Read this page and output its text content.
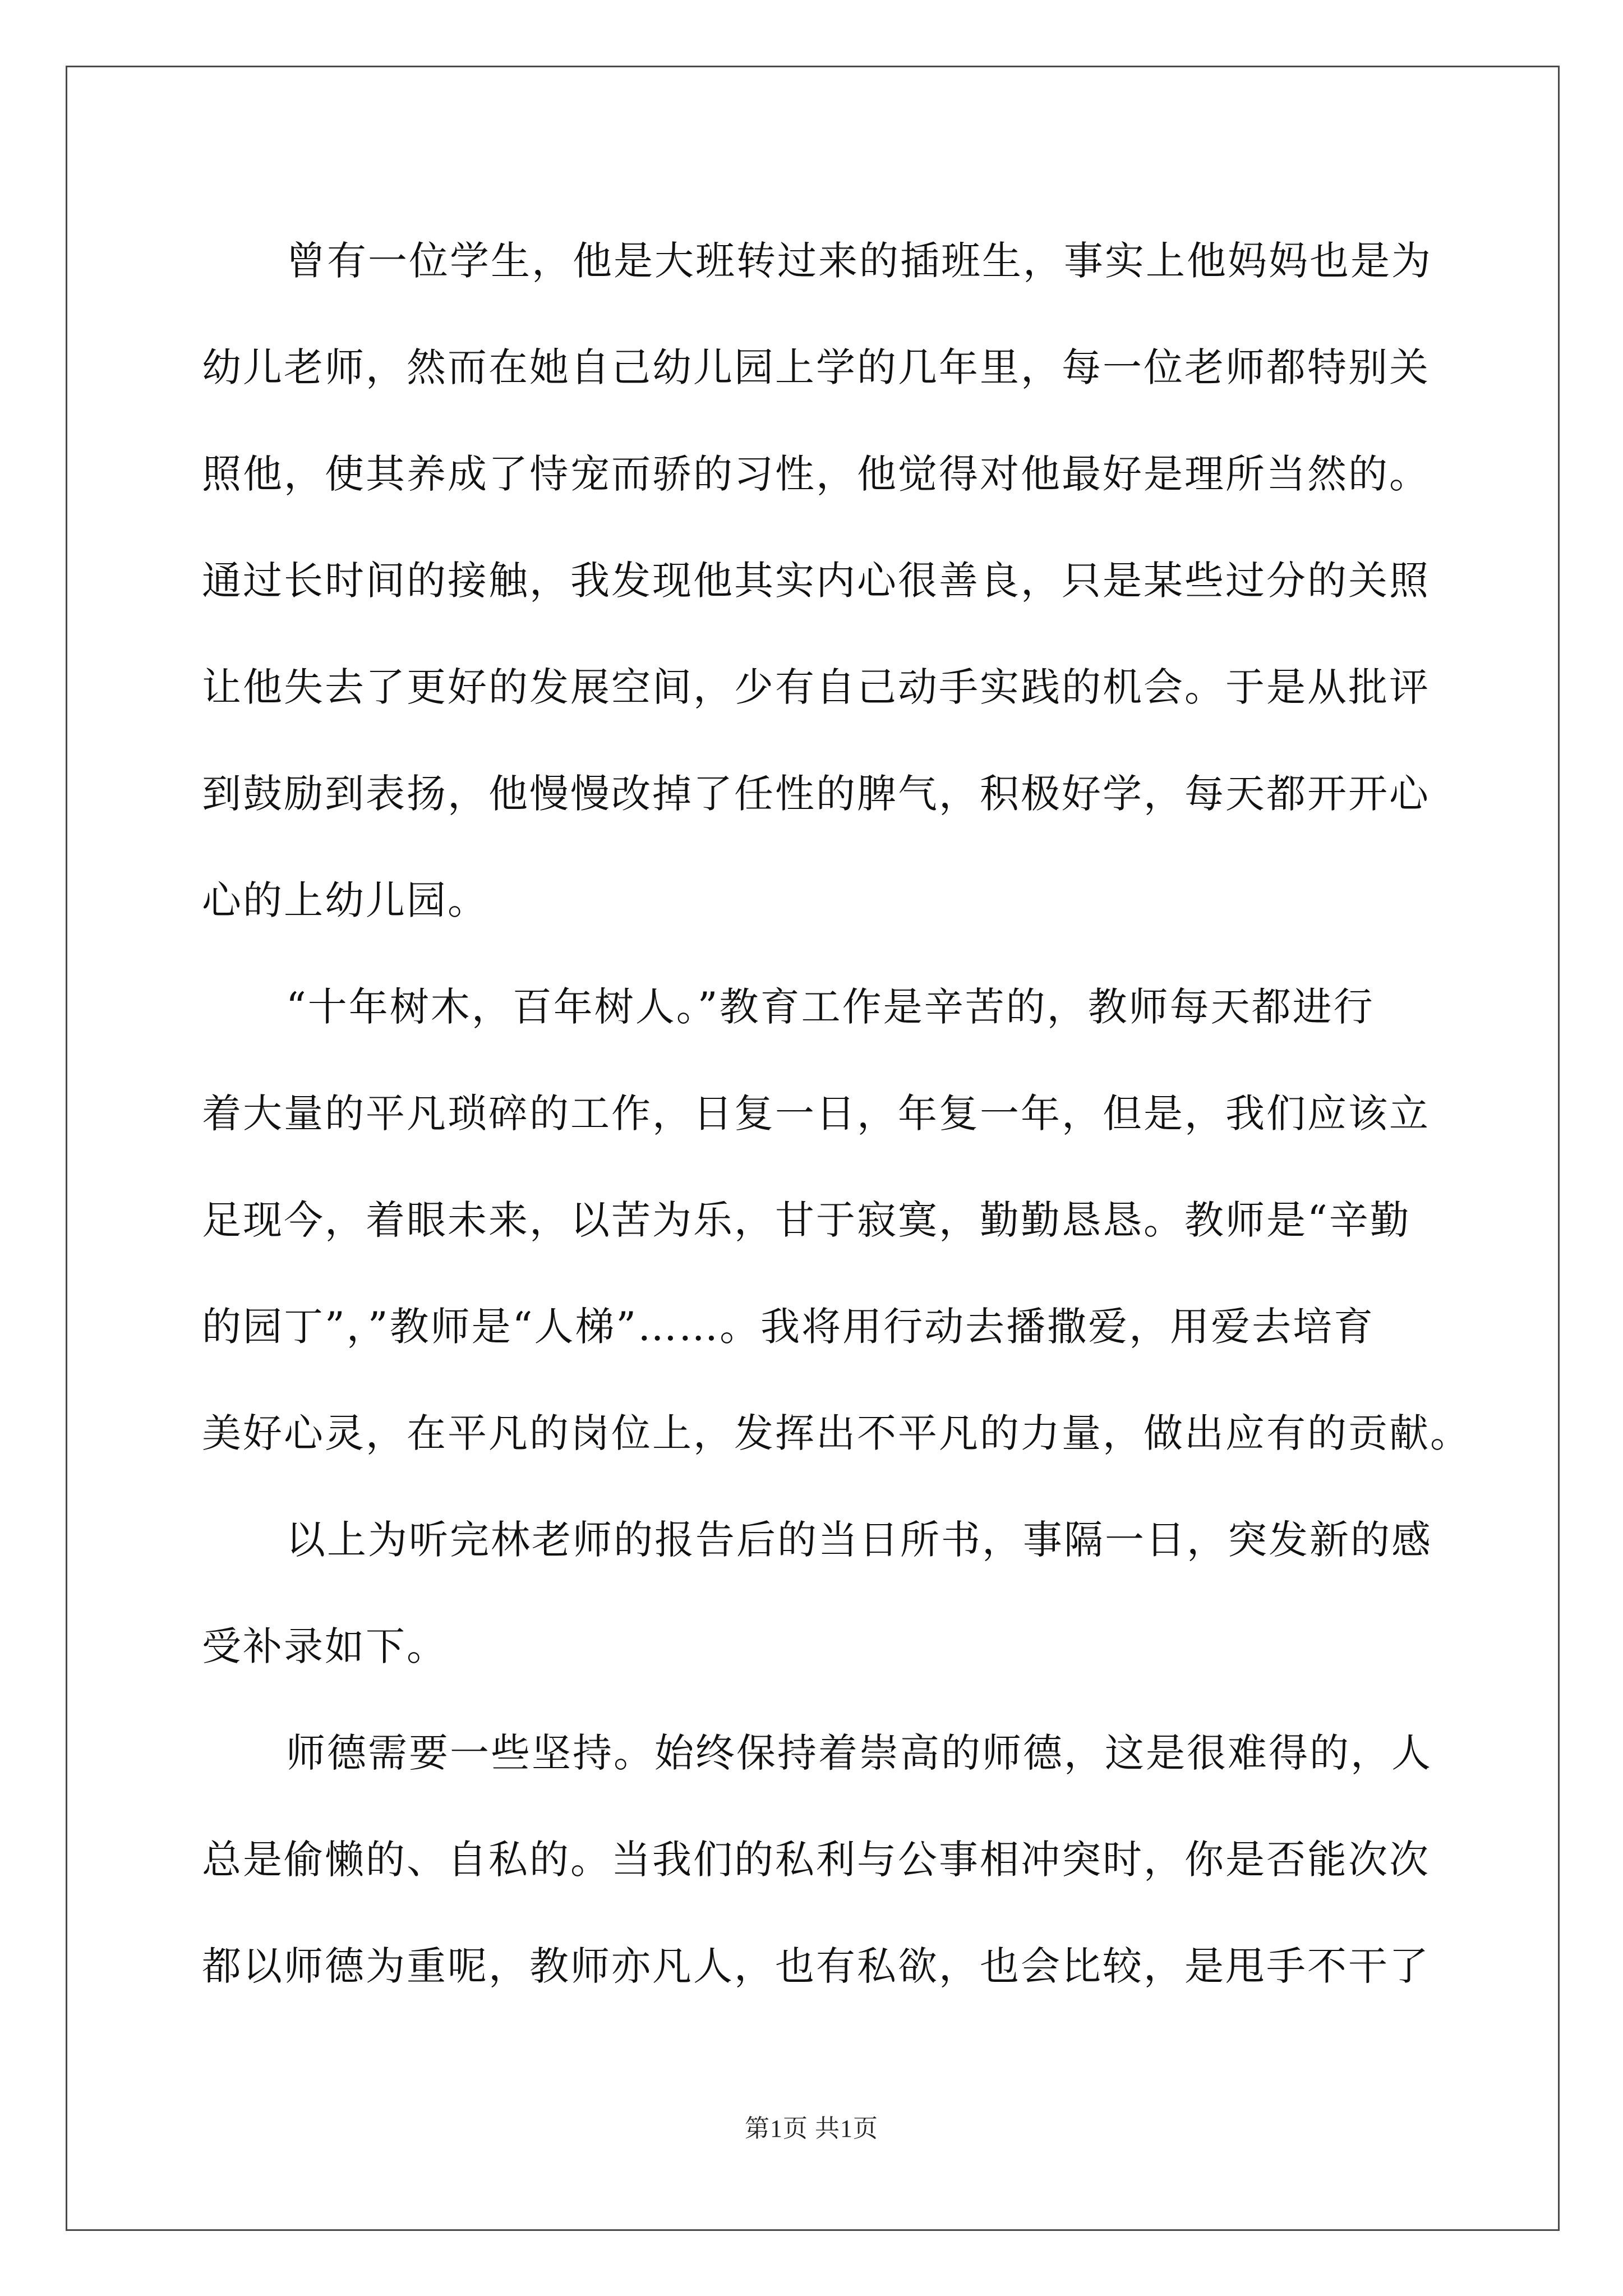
曾有一位学生，他是大班转过来的插班生，事实上他妈妈也是为
幼儿老师，然而在她自己幼儿园上学的几年里，每一位老师都特别关
照他，使其养成了恃宠而骄的习性，他觉得对他最好是理所当然的。
通过长时间的接触，我发现他其实内心很善良，只是某些过分的关照
让他失去了更好的发展空间，少有自己动手实践的机会。于是从批评
到鼓励到表扬，他慢慢改掉了任性的脾气，积极好学，每天都开开心
心的上幼儿园。
“十年树木，百年树人。”教育工作是辛苦的，教师每天都进行
着大量的平凡琐碎的工作，日复一日，年复一年，但是，我们应该立
足现今，着眼未来，以苦为乐，甘于寂寞，勤勤恳恳。教师是“辛勤
的园丁”，”教师是“人梯”……。我将用行动去播撒爱，用爱去培育
美好心灵，在平凡的岗位上，发挥出不平凡的力量，做出应有的贡献。
以上为听完林老师的报告后的当日所书，事隔一日，突发新的感
受补录如下。
师德需要一些坚持。始终保持着崇高的师德，这是很难得的，人
总是偷懒的、自私的。当我们的私利与公事相冲突时，你是否能次次
都以师德为重呢，教师亦凡人，也有私欲，也会比较，是甩手不干了
第1页 共1页
